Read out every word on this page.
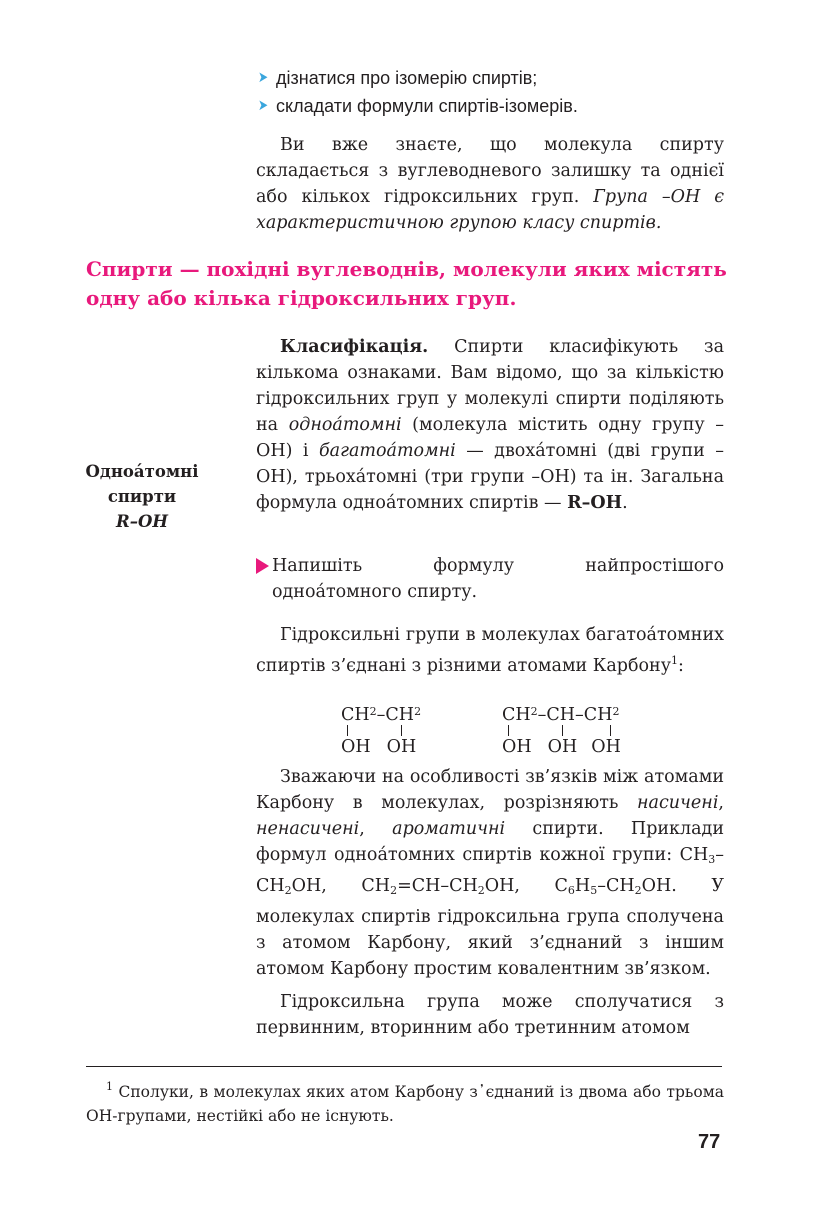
➤ дізнатися про ізомерію спиртів;
➤ складати формули спиртів-ізомерів.

Ви вже знаєте, що молекула спирту складається з вуглеводневого залишку та однієї або кількох гідроксильних груп. Група –ОН є характеристичною групою класу спиртів.

Спирти — похідні вуглеводнів, молекули яких містять одну або кілька гідроксильних груп.

Класифікація. Спирти класифікують за кількома ознаками. Вам відомо, що за кількістю гідроксильних груп у молекулі спирти поділяють на одноáтомні (молекула містить одну групу –ОН) і багатоáтомні — двохáтомні (дві групи –ОН), трьохáтомні (три групи –ОН) та ін. Загальна формула одноáтомних спиртів — R–OH.

Одноáтомні
спирти
R–OH
Напишіть формулу найпростішого одноáтомного спирту.

Гідроксильні групи в молекулах багатоáтомних спиртів з’єднані з різними атомами Карбону$^1$:

CH 2 –CH 2
OH OH
CH 2 –CH–CH 2
OH OH OH

Зважаючи на особливості зв’язків між атомами Карбону в молекулах, розрізняють насичені, ненасичені, ароматичні спирти. Приклади формул одноáтомних спиртів кожної групи: $CH_3-CH_2OH$, $CH_2=CH-CH_2OH$, $C_6H_5-CH_2OH$. У молекулах спиртів гідроксильна група сполучена з атомом Карбону, який з’єднаний з іншим атомом Карбону простим ковалентним зв’язком.

Гідроксильна група може сполучатися з первинним, вторинним або третинним атомом

$^1$ Сполуки, в молекулах яких атом Карбону з᾽єднаний із двома або трьома ОН-групами, нестійкі або не існують.

77
